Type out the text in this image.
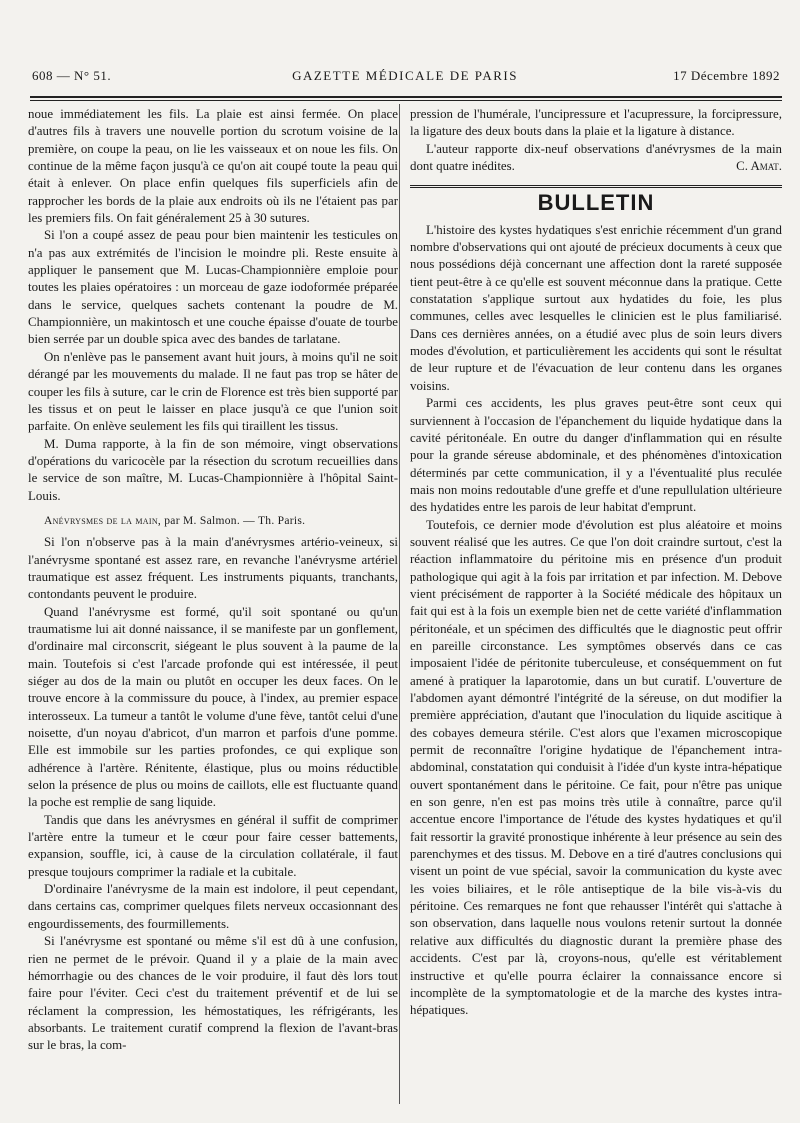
608 — N° 51.	GAZETTE MÉDICALE DE PARIS	17 Décembre 1892

noue immédiatement les fils. La plaie est ainsi fermée. On place d'autres fils à travers une nouvelle portion du scrotum voisine de la première, on coupe la peau, on lie les vaisseaux et on noue les fils. On continue de la même façon jusqu'à ce qu'on ait coupé toute la peau qui était à enlever. On place enfin quelques fils superficiels afin de rapprocher les bords de la plaie aux endroits où ils ne l'étaient pas par les premiers fils. On fait généralement 25 à 30 sutures.

Si l'on a coupé assez de peau pour bien maintenir les testicules on n'a pas aux extrémités de l'incision le moindre pli. Reste ensuite à appliquer le pansement que M. Lucas-Championnière emploie pour toutes les plaies opératoires : un morceau de gaze iodoformée préparée dans le service, quelques sachets contenant la poudre de M. Championnière, un makintosch et une couche épaisse d'ouate de tourbe bien serrée par un double spica avec des bandes de tarlatane.

On n'enlève pas le pansement avant huit jours, à moins qu'il ne soit dérangé par les mouvements du malade. Il ne faut pas trop se hâter de couper les fils à suture, car le crin de Florence est très bien supporté par les tissus et on peut le laisser en place jusqu'à ce que l'union soit parfaite. On enlève seulement les fils qui tiraillent les tissus.

M. Duma rapporte, à la fin de son mémoire, vingt observations d'opérations du varicocèle par la résection du scrotum recueillies dans le service de son maître, M. Lucas-Championnière à l'hôpital Saint-Louis.

Anévrysmes de la main, par M. Salmon. — Th. Paris.

Si l'on n'observe pas à la main d'anévrysmes artério-veineux, si l'anévrysme spontané est assez rare, en revanche l'anévrysme artériel traumatique est assez fréquent. Les instruments piquants, tranchants, contondants peuvent le produire.

Quand l'anévrysme est formé, qu'il soit spontané ou qu'un traumatisme lui ait donné naissance, il se manifeste par un gonflement, d'ordinaire mal circonscrit, siégeant le plus souvent à la paume de la main. Toutefois si c'est l'arcade profonde qui est intéressée, il peut siéger au dos de la main ou plutôt en occuper les deux faces. On le trouve encore à la commissure du pouce, à l'index, au premier espace interosseux. La tumeur a tantôt le volume d'une fève, tantôt celui d'une noisette, d'un noyau d'abricot, d'un marron et parfois d'une pomme. Elle est immobile sur les parties profondes, ce qui explique son adhérence à l'artère. Rénitente, élastique, plus ou moins réductible selon la présence de plus ou moins de caillots, elle est fluctuante quand la poche est remplie de sang liquide.

Tandis que dans les anévrysmes en général il suffit de comprimer l'artère entre la tumeur et le cœur pour faire cesser battements, expansion, souffle, ici, à cause de la circulation collatérale, il faut presque toujours comprimer la radiale et la cubitale.

D'ordinaire l'anévrysme de la main est indolore, il peut cependant, dans certains cas, comprimer quelques filets nerveux occasionnant des engourdissements, des fourmillements.

Si l'anévrysme est spontané ou même s'il est dû à une confusion, rien ne permet de le prévoir. Quand il y a plaie de la main avec hémorrhagie ou des chances de le voir produire, il faut dès lors tout faire pour l'éviter. Ceci c'est du traitement préventif et de lui se réclament la compression, les hémostatiques, les réfrigérants, les absorbants. Le traitement curatif comprend la flexion de l'avant-bras sur le bras, la com-

pression de l'humérale, l'uncipressure et l'acupressure, la forcipressure, la ligature des deux bouts dans la plaie et la ligature à distance.

L'auteur rapporte dix-neuf observations d'anévrysmes de la main dont quatre inédites.	C. Amat.

BULLETIN

L'histoire des kystes hydatiques s'est enrichie récemment d'un grand nombre d'observations qui ont ajouté de précieux documents à ceux que nous possédions déjà concernant une affection dont la rareté supposée tient peut-être à ce qu'elle est souvent méconnue dans la pratique. Cette constatation s'applique surtout aux hydatides du foie, les plus communes, celles avec lesquelles le clinicien est le plus familiarisé. Dans ces dernières années, on a étudié avec plus de soin leurs divers modes d'évolution, et particulièrement les accidents qui sont le résultat de leur rupture et de l'évacuation de leur contenu dans les organes voisins.

Parmi ces accidents, les plus graves peut-être sont ceux qui surviennent à l'occasion de l'épanchement du liquide hydatique dans la cavité péritonéale. En outre du danger d'inflammation qui en résulte pour la grande séreuse abdominale, et des phénomènes d'intoxication déterminés par cette communication, il y a l'éventualité plus reculée mais non moins redoutable d'une greffe et d'une repullulation ultérieure des hydatides entre les parois de leur habitat d'emprunt.

Toutefois, ce dernier mode d'évolution est plus aléatoire et moins souvent réalisé que les autres. Ce que l'on doit craindre surtout, c'est la réaction inflammatoire du péritoine mis en présence d'un produit pathologique qui agit à la fois par irritation et par infection. M. Debove vient précisément de rapporter à la Société médicale des hôpitaux un fait qui est à la fois un exemple bien net de cette variété d'inflammation péritonéale, et un spécimen des difficultés que le diagnostic peut offrir en pareille circonstance. Les symptômes observés dans ce cas imposaient l'idée de péritonite tuberculeuse, et conséquemment on fut amené à pratiquer la laparotomie, dans un but curatif. L'ouverture de l'abdomen ayant démontré l'intégrité de la séreuse, on dut modifier la première appréciation, d'autant que l'inoculation du liquide ascitique à des cobayes demeura stérile. C'est alors que l'examen microscopique permit de reconnaître l'origine hydatique de l'épanchement intra-abdominal, constatation qui conduisit à l'idée d'un kyste intra-hépatique ouvert spontanément dans le péritoine. Ce fait, pour n'être pas unique en son genre, n'en est pas moins très utile à connaître, parce qu'il accentue encore l'importance de l'étude des kystes hydatiques et qu'il fait ressortir la gravité pronostique inhérente à leur présence au sein des parenchymes et des tissus. M. Debove en a tiré d'autres conclusions qui visent un point de vue spécial, savoir la communication du kyste avec les voies biliaires, et le rôle antiseptique de la bile vis-à-vis du péritoine. Ces remarques ne font que rehausser l'intérêt qui s'attache à son observation, dans laquelle nous voulons retenir surtout la donnée relative aux difficultés du diagnostic durant la première phase des accidents. C'est par là, croyons-nous, qu'elle est véritablement instructive et qu'elle pourra éclairer la connaissance encore si incomplète de la symptomatologie et de la marche des kystes intra-hépatiques.
